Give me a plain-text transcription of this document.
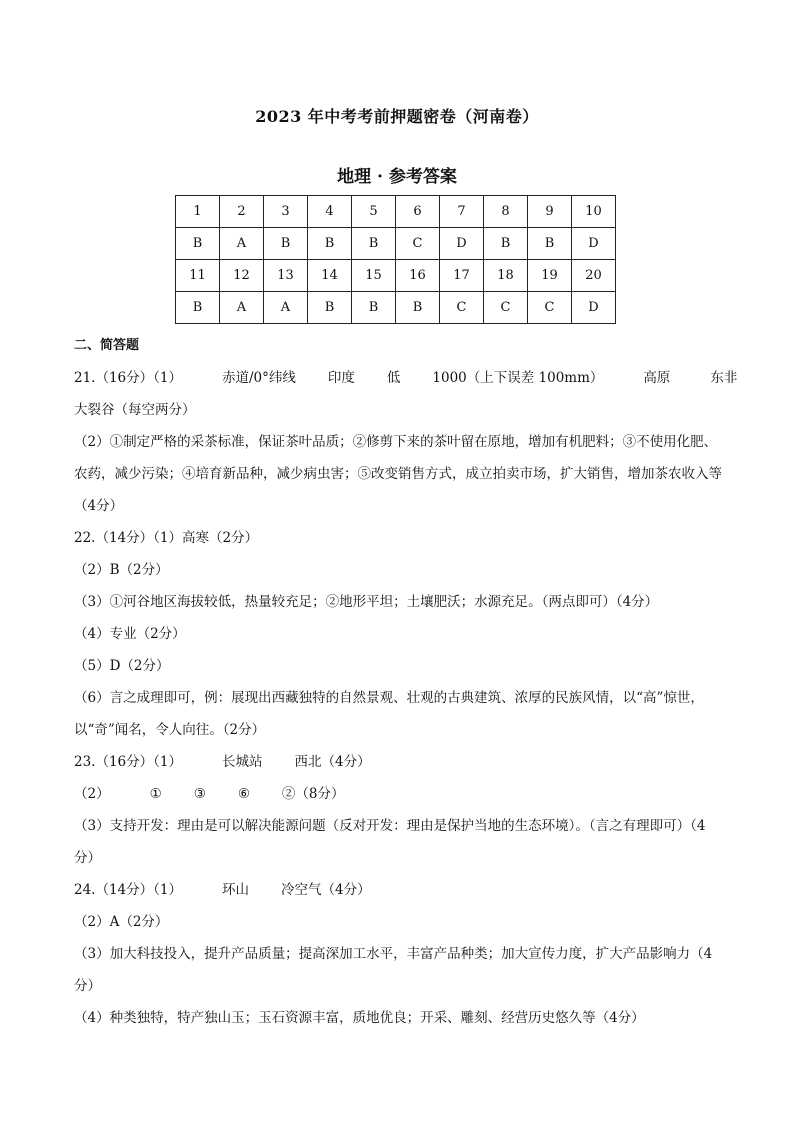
2023 年中考考前押题密卷（河南卷）
地理 · 参考答案
1	2	3	4	5	6	7	8	9	10
B	A	B	B	B	C	D	B	B	D
11	12	13	14	15	16	17	18	19	20
B	A	A	B	B	B	C	C	C	D
二、简答题
21.（16分）（1）	赤道/0°纬线 印度 低 1000（上下误差 100mm）	高原	东非
大裂谷（每空两分）
（2）①制定严格的采茶标准，保证茶叶品质；②修剪下来的茶叶留在原地，增加有机肥料；③不使用化肥、农药，减少污染；④培育新品种，减少病虫害；⑤改变销售方式，成立拍卖市场，扩大销售，增加茶农收入等（4分）
22.（14分）（1）高寒（2分）
（2）B（2分）
（3）①河谷地区海拔较低，热量较充足；②地形平坦；土壤肥沃；水源充足。（两点即可）（4分）
（4）专业（2分）
（5）D（2分）
（6）言之成理即可，例：展现出西藏独特的自然景观、壮观的古典建筑、浓厚的民族风情，以“高”惊世，以“奇”闻名，令人向往。（2分）
23.（16分）（1）	长城站 西北（4分）
（2）	① ③ ⑥ ②（8分）
（3）支持开发：理由是可以解决能源问题（反对开发：理由是保护当地的生态环境）。（言之有理即可）（4分）
24.（14分）（1）	环山 冷空气（4分）
（2）A（2分）
（3）加大科技投入，提升产品质量；提高深加工水平，丰富产品种类；加大宣传力度，扩大产品影响力（4分）
（4）种类独特，特产独山玉；玉石资源丰富，质地优良；开采、雕刻、经营历史悠久等（4分）
